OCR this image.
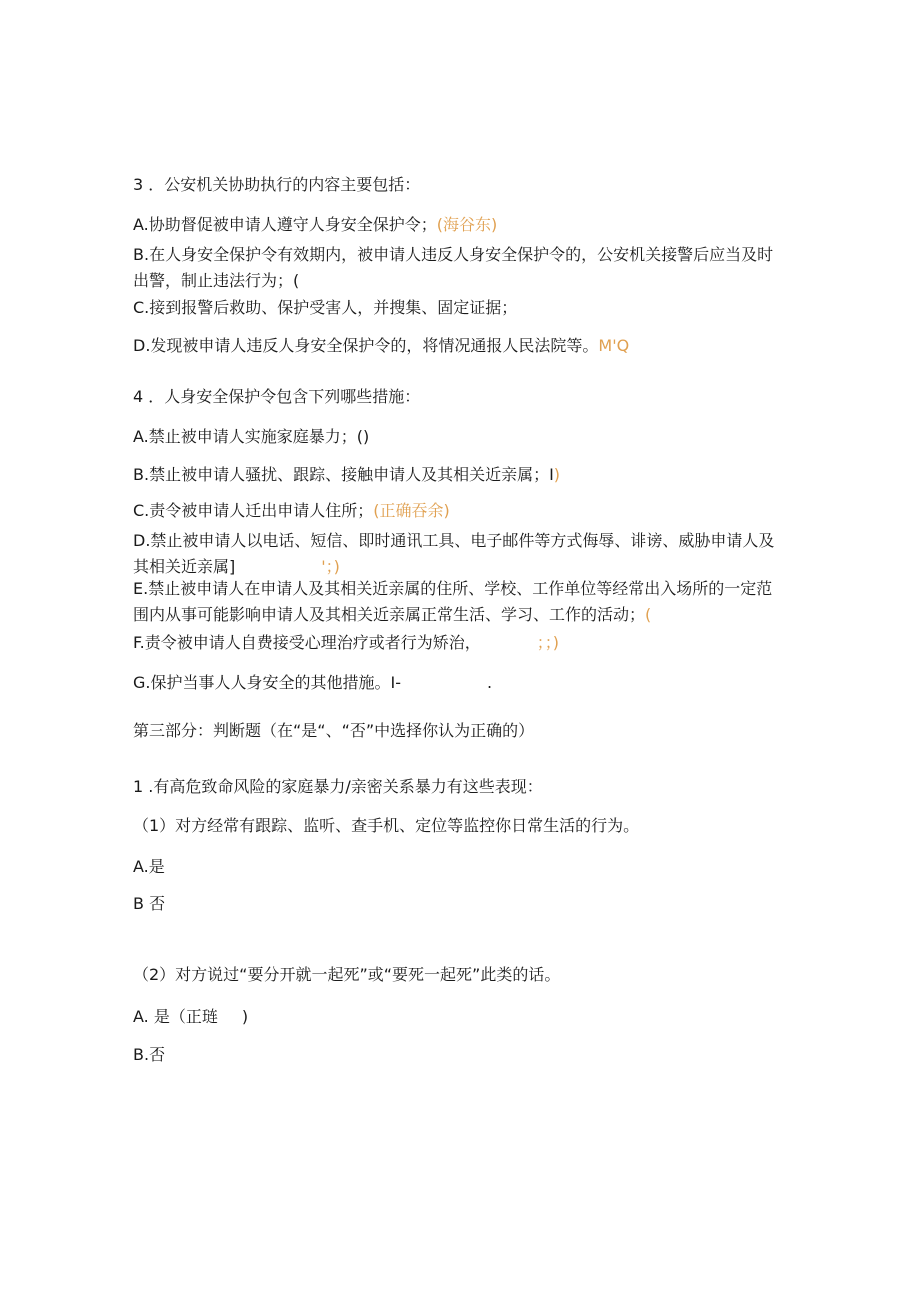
3 ．公安机关协助执行的内容主要包括：
A.协助督促被申请人遵守人身安全保护令；(海谷东)
B.在人身安全保护令有效期内，被申请人违反人身安全保护令的，公安机关接警后应当及时出警，制止违法行为；(
C.接到报警后救助、保护受害人，并搜集、固定证据；
D.发现被申请人违反人身安全保护令的，将情况通报人民法院等。M'Q
4 ．人身安全保护令包含下列哪些措施：
A.禁止被申请人实施家庭暴力；()
B.禁止被申请人骚扰、跟踪、接触申请人及其相关近亲属；I)
C.责令被申请人迁出申请人住所；(正确吞余)
D.禁止被申请人以电话、短信、即时通讯工具、电子邮件等方式侮辱、诽谤、威胁申请人及其相关近亲属]	'；)
E.禁止被申请人在申请人及其相关近亲属的住所、学校、工作单位等经常出入场所的一定范围内从事可能影响申请人及其相关近亲属正常生活、学习、工作的活动；(
F.责令被申请人自费接受心理治疗或者行为矫治，	；；)
G.保护当事人人身安全的其他措施。I-	.
第三部分：判断题（在“是“、“否”中选择你认为正确的）
1 .有高危致命风险的家庭暴力/亲密关系暴力有这些表现：
（1）对方经常有跟踪、监听、查手机、定位等监控你日常生活的行为。
A.是
B 否
（2）对方说过“要分开就一起死”或“要死一起死”此类的话。
A. 是（正琏 )
B.否
